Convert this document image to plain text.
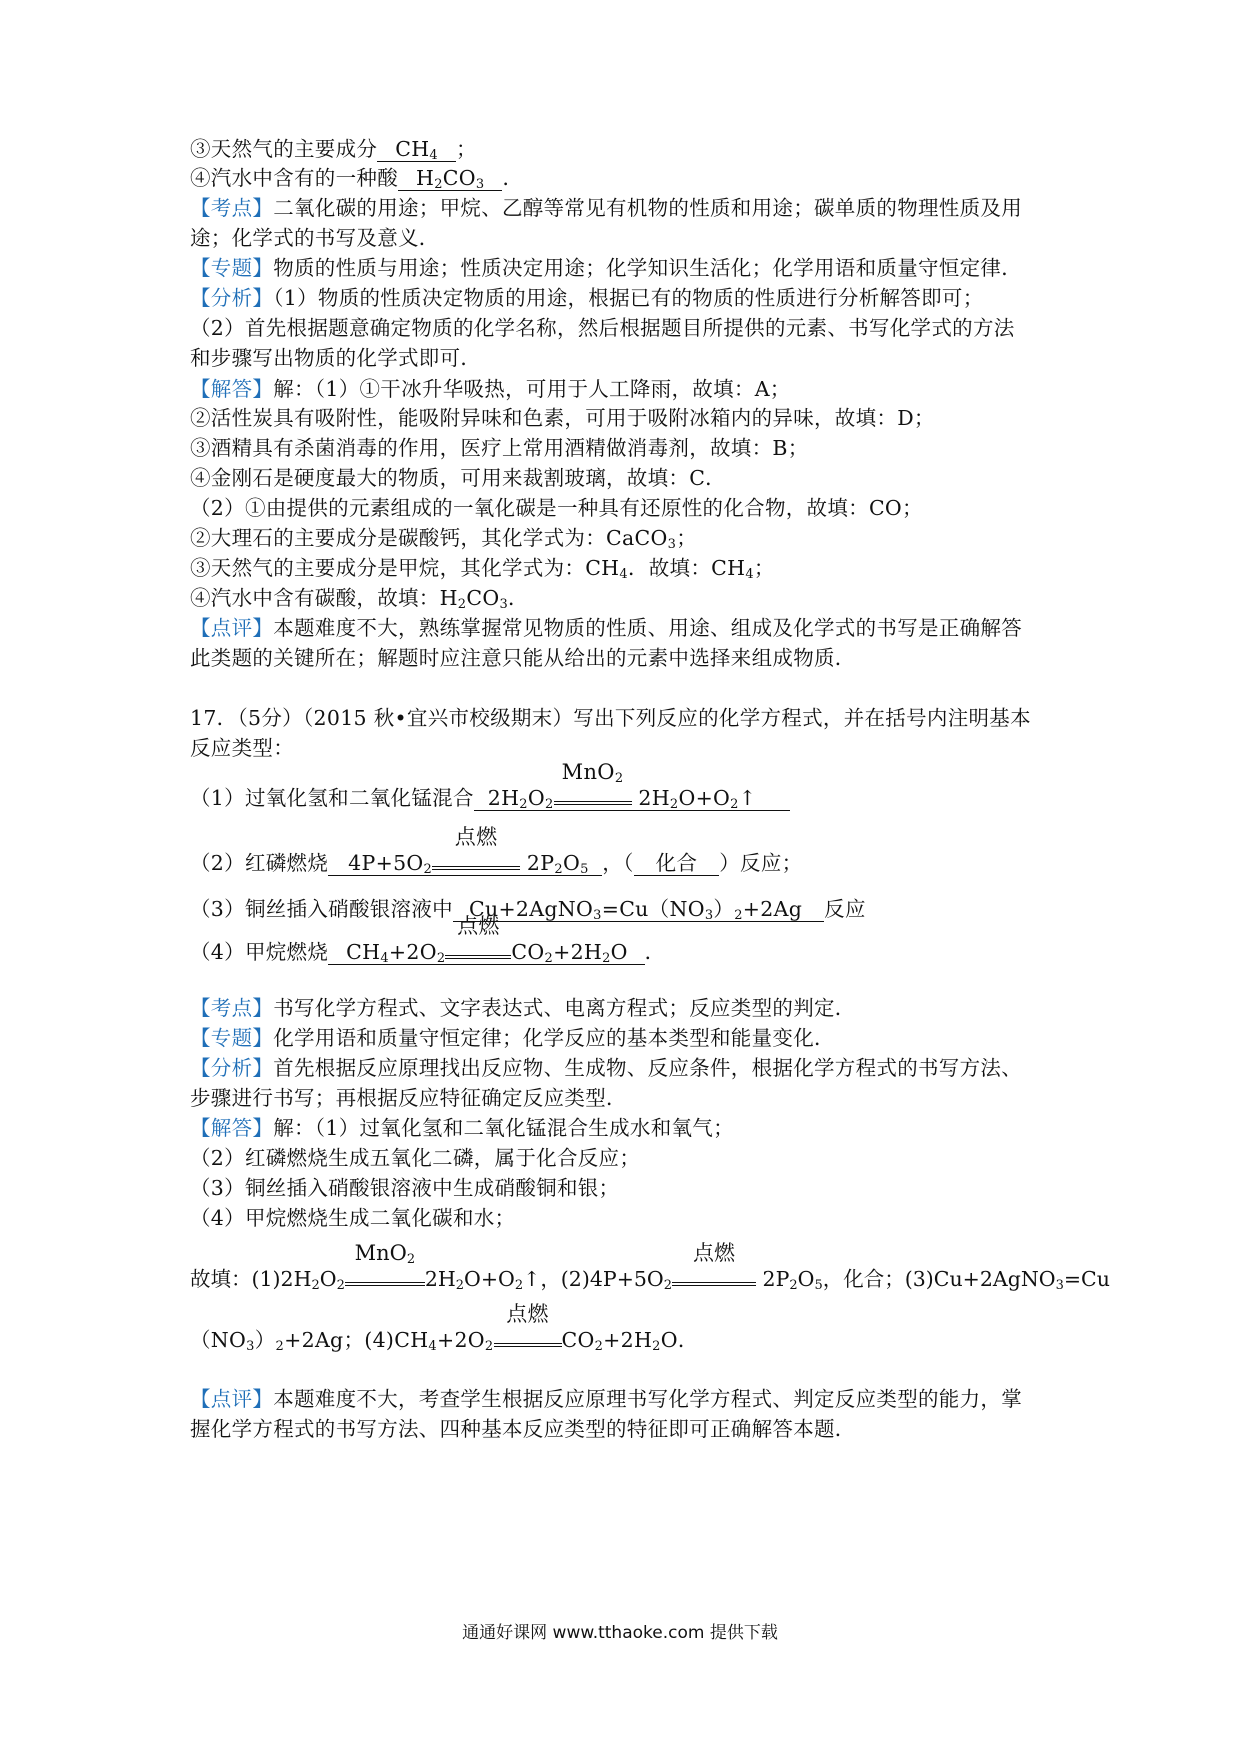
③天然气的主要成分 $CH_4$ ；
④汽水中含有的一种酸 $H_2CO_3$ ．
【考点】二氧化碳的用途；甲烷、乙醇等常见有机物的性质和用途；碳单质的物理性质及用
途；化学式的书写及意义．
【专题】物质的性质与用途；性质决定用途；化学知识生活化；化学用语和质量守恒定律．
【分析】（1）物质的性质决定物质的用途，根据已有的物质的性质进行分析解答即可；
（2）首先根据题意确定物质的化学名称，然后根据题目所提供的元素、书写化学式的方法
和步骤写出物质的化学式即可．
【解答】解：（1）①干冰升华吸热，可用于人工降雨，故填：A；
②活性炭具有吸附性，能吸附异味和色素，可用于吸附冰箱内的异味，故填：D；
③酒精具有杀菌消毒的作用，医疗上常用酒精做消毒剂，故填：B；
④金刚石是硬度最大的物质，可用来裁割玻璃，故填：C．
（2）①由提供的元素组成的一氧化碳是一种具有还原性的化合物，故填：CO；
②大理石的主要成分是碳酸钙，其化学式为：CaCO$_3$；
③天然气的主要成分是甲烷，其化学式为：$CH_4$．故填：$CH_4$；
④汽水中含有碳酸，故填：$H_2CO_3$．
【点评】本题难度不大，熟练掌握常见物质的性质、用途、组成及化学式的书写是正确解答
此类题的关键所在；解题时应注意只能从给出的元素中选择来组成物质．
17．（5分）（2015 秋•宜兴市校级期末）写出下列反应的化学方程式，并在括号内注明基本
反应类型：
（1）过氧化氢和二氧化锰混合 $2H_2O_2$
MnO$_2$
$2H_2O+O_2↑$
（2）红磷燃烧 $4P+5O_2$
点燃
$2P_2O_5$ ，（ 化合 ）反应；
（3）铜丝插入硝酸银溶液中 $Cu+2AgNO_3=Cu(NO_3)_2+2Ag$ 反应
（4）甲烷燃烧 $CH_4+2O_2$
点燃
$CO_2+2H_2O$ ．
【考点】书写化学方程式、文字表达式、电离方程式；反应类型的判定．
【专题】化学用语和质量守恒定律；化学反应的基本类型和能量变化．
【分析】首先根据反应原理找出反应物、生成物、反应条件，根据化学方程式的书写方法、
步骤进行书写；再根据反应特征确定反应类型．
【解答】解：（1）过氧化氢和二氧化锰混合生成水和氧气；
（2）红磷燃烧生成五氧化二磷，属于化合反应；
（3）铜丝插入硝酸银溶液中生成硝酸铜和银；
（4）甲烷燃烧生成二氧化碳和水；
故填：$(1)2H_2O_2$
MnO$_2$
$2H_2O+O_2↑$，$(2)4P+5O_2$
点燃
$2P_2O_5$，化合；(3)Cu+2AgNO$_3$=Cu
$(NO_3)_2+2Ag$；$(4)CH_4+2O_2$
点燃
$CO_2+2H_2O$．
【点评】本题难度不大，考查学生根据反应原理书写化学方程式、判定反应类型的能力，掌
握化学方程式的书写方法、四种基本反应类型的特征即可正确解答本题．
通通好课网 www.tthaoke.com 提供下载
